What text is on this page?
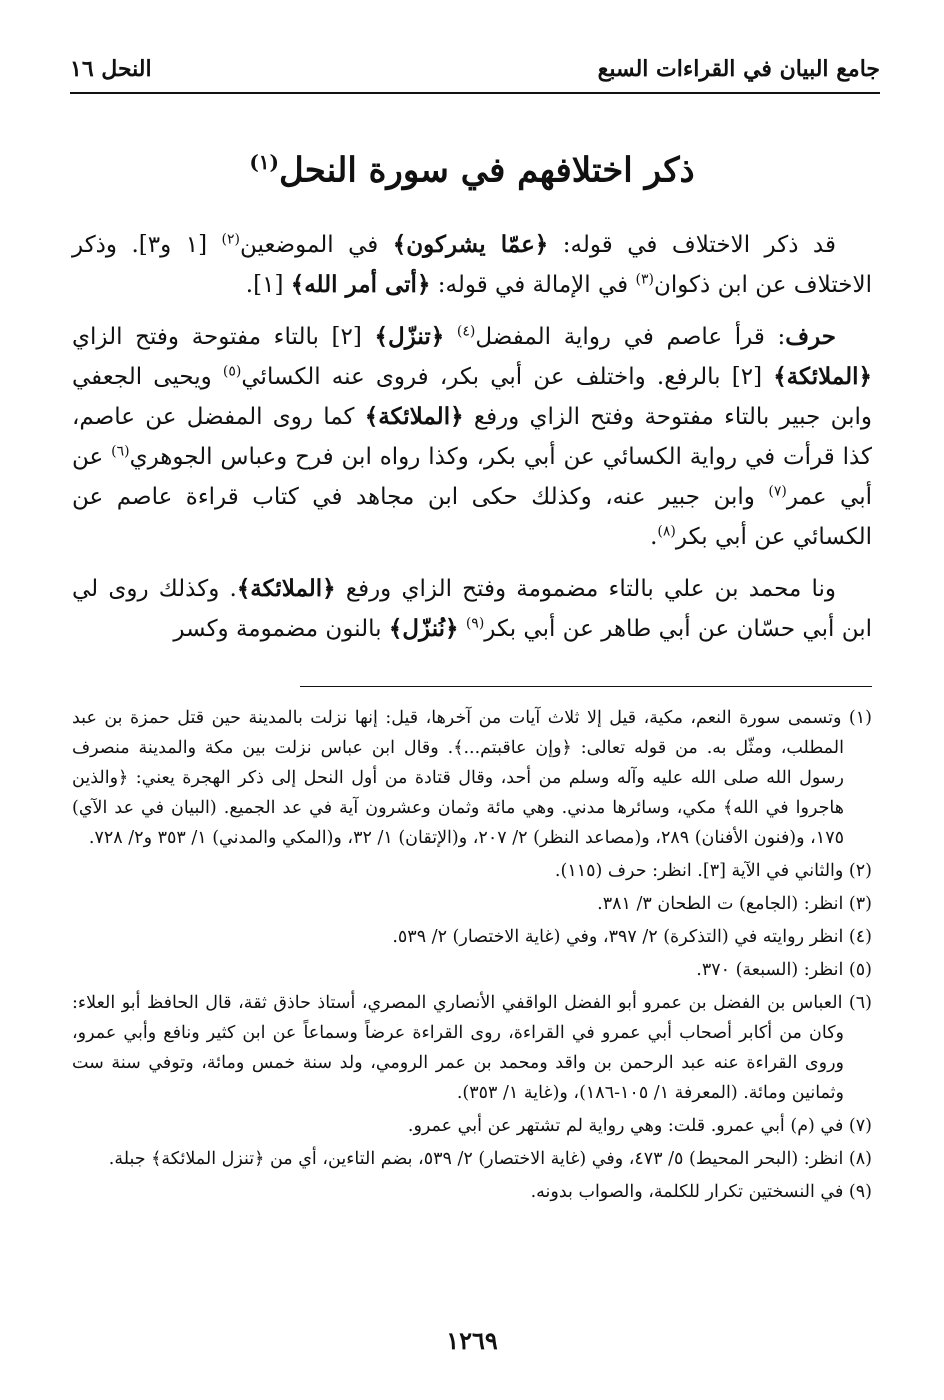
جامع البيان في القراءات السبع
النحل ١٦
ذكر اختلافهم في سورة النحل$^{(١)}$

قد ذكر الاختلاف في قوله: ﴿عمّا يشركون﴾ في الموضعين$^{(٢)}$ [١ و٣]. وذكر الاختلاف عن ابن ذكوان$^{(٣)}$ في الإمالة في قوله: ﴿أتى أمر الله﴾ [١].

حرف: قرأ عاصم في رواية المفضل$^{(٤)}$ ﴿تنزّل﴾ [٢] بالتاء مفتوحة وفتح الزاي ﴿الملائكة﴾ [٢] بالرفع. واختلف عن أبي بكر، فروى عنه الكسائي$^{(٥)}$ ويحيى الجعفي وابن جبير بالتاء مفتوحة وفتح الزاي ورفع ﴿الملائكة﴾ كما روى المفضل عن عاصم، كذا قرأت في رواية الكسائي عن أبي بكر، وكذا رواه ابن فرح وعباس الجوهري$^{(٦)}$ عن أبي عمر$^{(٧)}$ وابن جبير عنه، وكذلك حكى ابن مجاهد في كتاب قراءة عاصم عن الكسائي عن أبي بكر$^{(٨)}$.

ونا محمد بن علي بالتاء مضمومة وفتح الزاي ورفع ﴿الملائكة﴾. وكذلك روى لي ابن أبي حسّان عن أبي طاهر عن أبي بكر$^{(٩)}$ ﴿نُنزّل﴾ بالنون مضمومة وكسر

(١) وتسمى سورة النعم، مكية، قيل إلا ثلاث آيات من آخرها، قيل: إنها نزلت بالمدينة حين قتل حمزة بن عبد المطلب، ومثّل به. من قوله تعالى: ﴿وإن عاقبتم...﴾. وقال ابن عباس نزلت بين مكة والمدينة منصرف رسول الله صلى الله عليه وآله وسلم من أحد، وقال قتادة من أول النحل إلى ذكر الهجرة يعني: ﴿والذين هاجروا في الله﴾ مكي، وسائرها مدني. وهي مائة وثمان وعشرون آية في عد الجميع. (البيان في عد الآي) ١٧٥، و(فنون الأفنان) ٢٨٩، و(مصاعد النظر) ٢/ ٢٠٧، و(الإتقان) ١/ ٣٢، و(المكي والمدني) ١/ ٣٥٣ و٢/ ٧٢٨.
(٢) والثاني في الآية [٣]. انظر: حرف (١١٥).
(٣) انظر: (الجامع) ت الطحان ٣/ ٣٨١.
(٤) انظر روايته في (التذكرة) ٢/ ٣٩٧، وفي (غاية الاختصار) ٢/ ٥٣٩.
(٥) انظر: (السبعة) ٣٧٠.
(٦) العباس بن الفضل بن عمرو أبو الفضل الواقفي الأنصاري المصري، أستاذ حاذق ثقة، قال الحافظ أبو العلاء: وكان من أكابر أصحاب أبي عمرو في القراءة، روى القراءة عرضاً وسماعاً عن ابن كثير ونافع وأبي عمرو، وروى القراءة عنه عبد الرحمن بن واقد ومحمد بن عمر الرومي، ولد سنة خمس ومائة، وتوفي سنة ست وثمانين ومائة. (المعرفة ١/ ١٠٥-١٨٦)، و(غاية ١/ ٣٥٣).
(٧) في (م) أبي عمرو. قلت: وهي رواية لم تشتهر عن أبي عمرو.
(٨) انظر: (البحر المحيط) ٥/ ٤٧٣، وفي (غاية الاختصار) ٢/ ٥٣٩، بضم التاءين، أي من ﴿تنزل الملائكة﴾ جبلة.
(٩) في النسختين تكرار للكلمة، والصواب بدونه.
١٢٦٩
